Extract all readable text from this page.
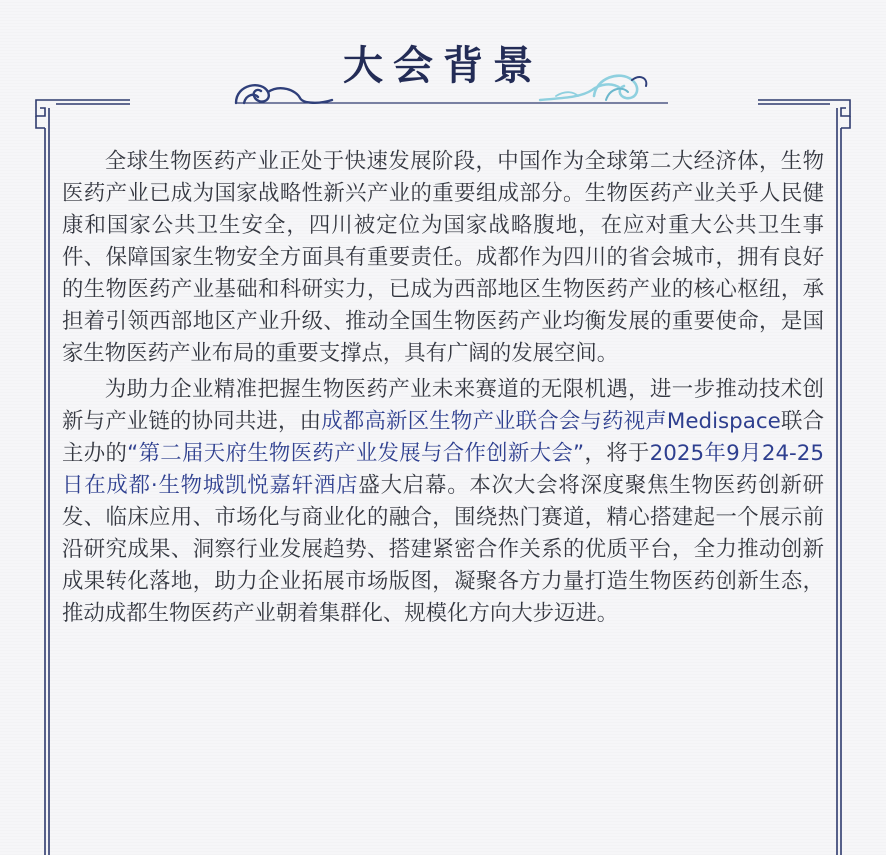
大会背景

全球生物医药产业正处于快速发展阶段，中国作为全球第二大经济体，生物医药产业已成为国家战略性新兴产业的重要组成部分。生物医药产业关乎人民健康和国家公共卫生安全，四川被定位为国家战略腹地，在应对重大公共卫生事件、保障国家生物安全方面具有重要责任。成都作为四川的省会城市，拥有良好的生物医药产业基础和科研实力，已成为西部地区生物医药产业的核心枢纽，承担着引领西部地区产业升级、推动全国生物医药产业均衡发展的重要使命，是国家生物医药产业布局的重要支撑点，具有广阔的发展空间。

为助力企业精准把握生物医药产业未来赛道的无限机遇，进一步推动技术创新与产业链的协同共进，由成都高新区生物产业联合会与药视声Medispace联合主办的“第二届天府生物医药产业发展与合作创新大会”，将于2025年9月24-25日在成都·生物城凯悦嘉轩酒店盛大启幕。本次大会将深度聚焦生物医药创新研发、临床应用、市场化与商业化的融合，围绕热门赛道，精心搭建起一个展示前沿研究成果、洞察行业发展趋势、搭建紧密合作关系的优质平台，全力推动创新成果转化落地，助力企业拓展市场版图，凝聚各方力量打造生物医药创新生态，推动成都生物医药产业朝着集群化、规模化方向大步迈进。
